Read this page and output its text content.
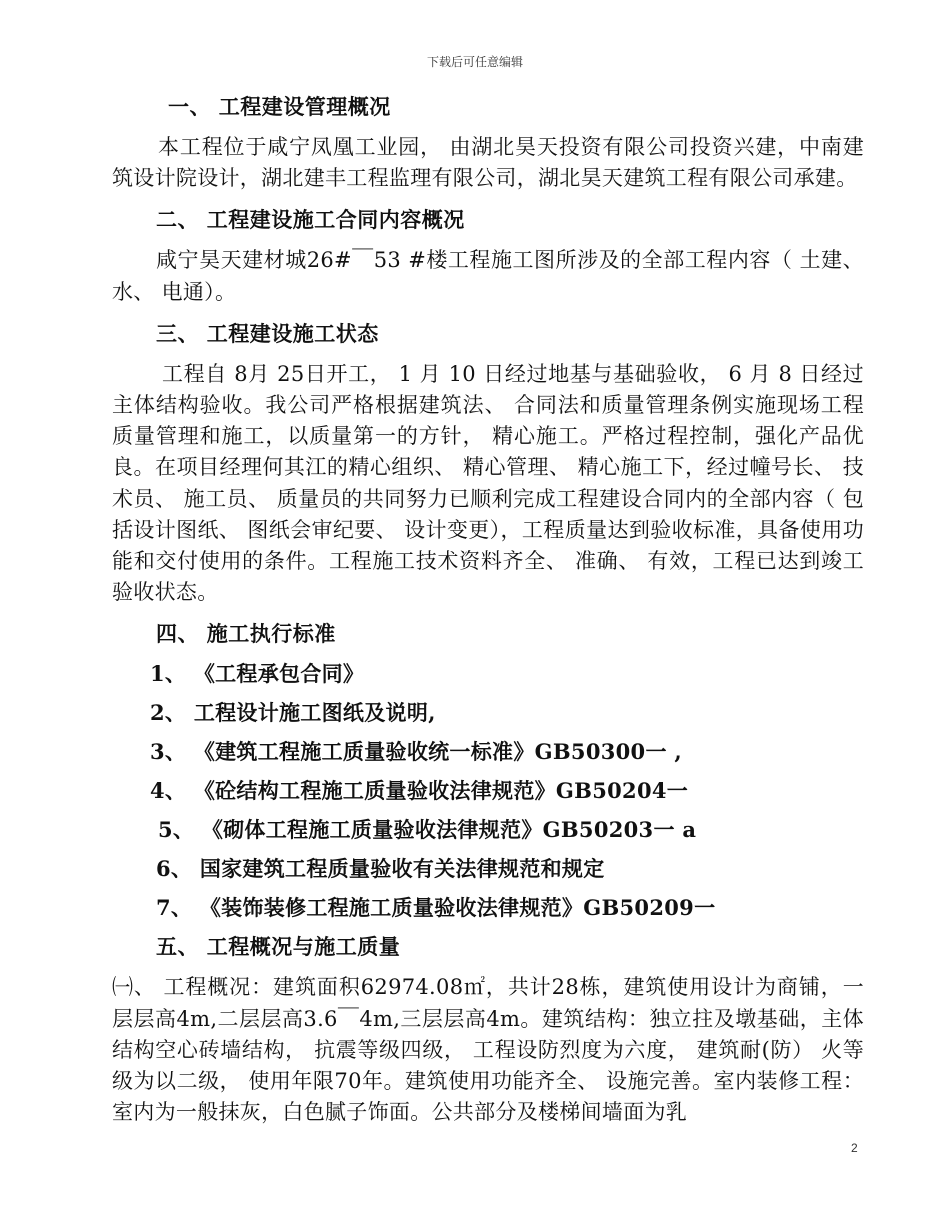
下载后可任意编辑
一、 工程建设管理概况

本工程位于咸宁凤凰工业园， 由湖北昊天投资有限公司投资兴建，中南建筑设计院设计，湖北建丰工程监理有限公司，湖北昊天建筑工程有限公司承建。

二、 工程建设施工合同内容概况

咸宁昊天建材城26#￣53 #楼工程施工图所涉及的全部工程内容（ 土建、 水、 电通）。

三、 工程建设施工状态

工程自 8月 25日开工， 1 月 10 日经过地基与基础验收， 6 月 8 日经过主体结构验收。我公司严格根据建筑法、 合同法和质量管理条例实施现场工程质量管理和施工，以质量第一的方针， 精心施工。严格过程控制，强化产品优良。在项目经理何其江的精心组织、 精心管理、 精心施工下，经过幢号长、 技术员、 施工员、 质量员的共同努力已顺利完成工程建设合同内的全部内容（ 包括设计图纸、 图纸会审纪要、 设计变更），工程质量达到验收标准，具备使用功能和交付使用的条件。工程施工技术资料齐全、 准确、 有效，工程已达到竣工验收状态。

四、 施工执行标准
1、 《工程承包合同》
2、 工程设计施工图纸及说明,
3、 《建筑工程施工质量验收统一标准》GB50300一 ,
4、 《砼结构工程施工质量验收法律规范》GB50204一
5、 《砌体工程施工质量验收法律规范》GB50203一 a
6、 国家建筑工程质量验收有关法律规范和规定
7、 《装饰装修工程施工质量验收法律规范》GB50209一
五、 工程概况与施工质量

㈠、 工程概况：建筑面积62974.08㎡，共计28栋，建筑使用设计为商铺，一层层高4m,二层层高3.6￣4m,三层层高4m。建筑结构：独立拄及墩基础，主体结构空心砖墙结构， 抗震等级四级， 工程设防烈度为六度， 建筑耐(防） 火等级为以二级， 使用年限70年。建筑使用功能齐全、 设施完善。室内装修工程：室内为一般抹灰，白色腻子饰面。公共部分及楼梯间墙面为乳

2
